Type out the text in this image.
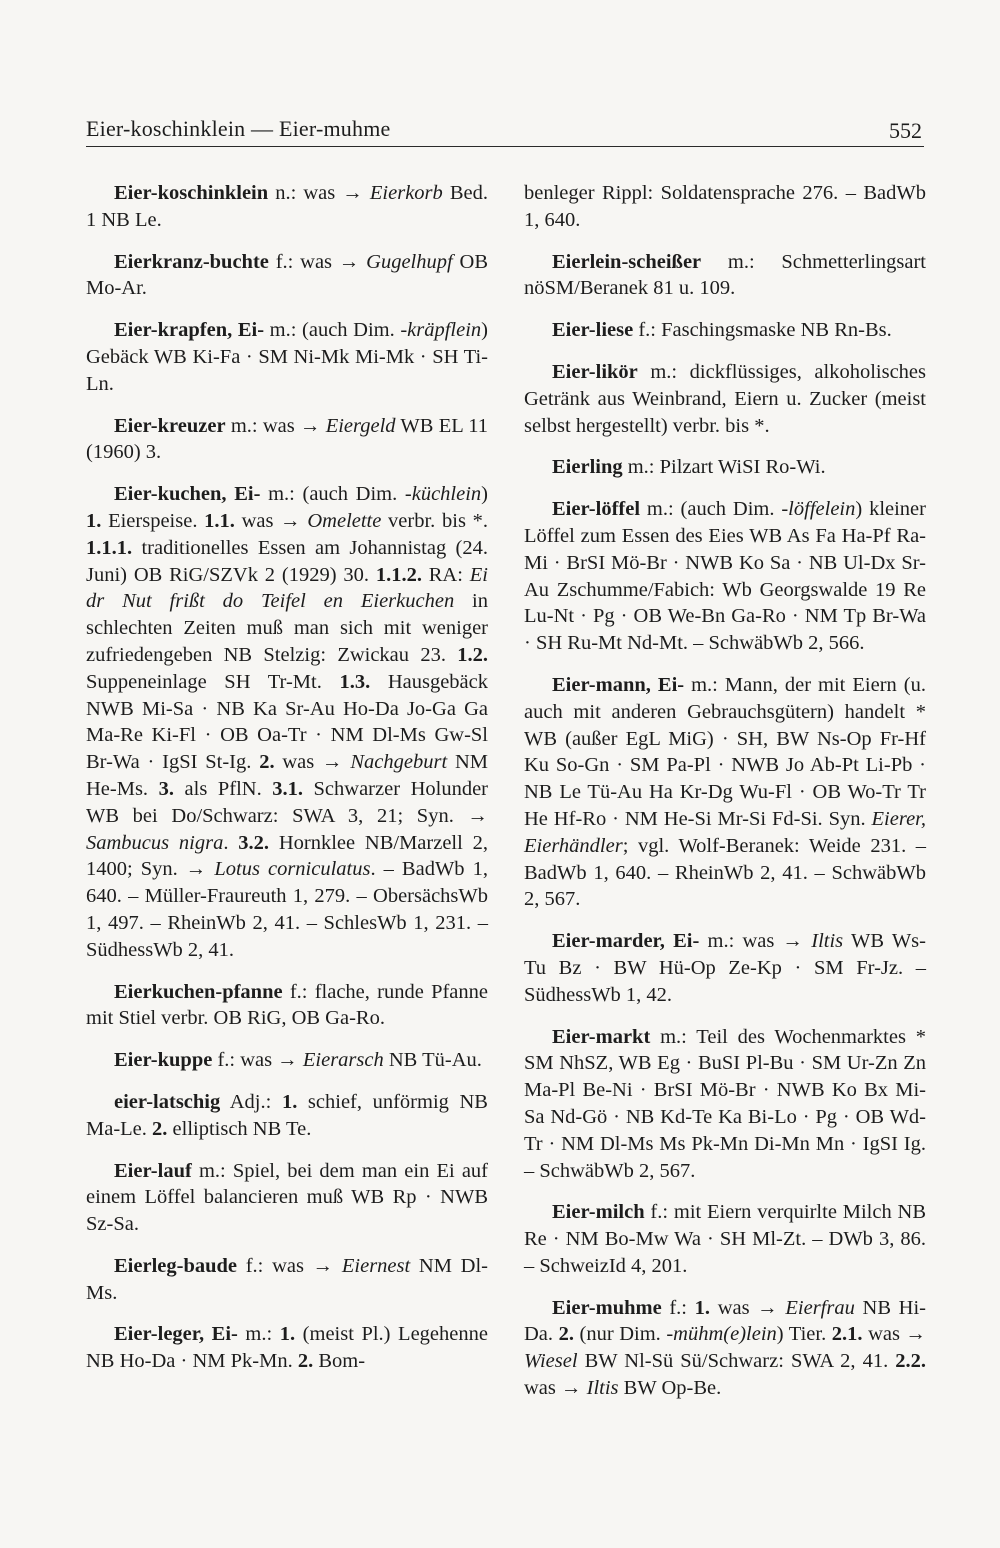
Eier-koschinklein — Eier-muhme	552

Eier-koschinklein n.: was → Eierkorb Bed. 1 NB Le.

Eierkranz-buchte f.: was → Gugelhupf OB Mo-Ar.

Eier-krapfen, Ei- m.: (auch Dim. -kräpflein) Gebäck WB Ki-Fa · SM Ni-Mk Mi-Mk · SH Ti-Ln.

Eier-kreuzer m.: was → Eiergeld WB EL 11 (1960) 3.

Eier-kuchen, Ei- m.: (auch Dim. -küchlein) 1. Eierspeise. 1.1. was → Omelette verbr. bis *. 1.1.1. traditionelles Essen am Johannistag (24. Juni) OB RiG/SZVk 2 (1929) 30. 1.1.2. RA: Ei dr Nut frißt do Teifel en Eierkuchen in schlechten Zeiten muß man sich mit weniger zufriedengeben NB Stelzig: Zwickau 23. 1.2. Suppeneinlage SH Tr-Mt. 1.3. Hausgebäck NWB Mi-Sa · NB Ka Sr-Au Ho-Da Jo-Ga Ga Ma-Re Ki-Fl · OB Oa-Tr · NM Dl-Ms Gw-Sl Br-Wa · IgSI St-Ig. 2. was → Nachgeburt NM He-Ms. 3. als PflN. 3.1. Schwarzer Holunder WB bei Do/Schwarz: SWA 3, 21; Syn. → Sambucus nigra. 3.2. Hornklee NB/Marzell 2, 1400; Syn. → Lotus corniculatus. – BadWb 1, 640. – Müller-Fraureuth 1, 279. – ObersächsWb 1, 497. – RheinWb 2, 41. – SchlesWb 1, 231. – SüdhessWb 2, 41.

Eierkuchen-pfanne f.: flache, runde Pfanne mit Stiel verbr. OB RiG, OB Ga-Ro.

Eier-kuppe f.: was → Eierarsch NB Tü-Au.

eier-latschig Adj.: 1. schief, unförmig NB Ma-Le. 2. elliptisch NB Te.

Eier-lauf m.: Spiel, bei dem man ein Ei auf einem Löffel balancieren muß WB Rp · NWB Sz-Sa.

Eierleg-baude f.: was → Eiernest NM Dl-Ms.

Eier-leger, Ei- m.: 1. (meist Pl.) Legehenne NB Ho-Da · NM Pk-Mn. 2. Bom-

benleger Rippl: Soldatensprache 276. – BadWb 1, 640.

Eierlein-scheißer m.: Schmetterlingsart nöSM/Beranek 81 u. 109.

Eier-liese f.: Faschingsmaske NB Rn-Bs.

Eier-likör m.: dickflüssiges, alkoholisches Getränk aus Weinbrand, Eiern u. Zucker (meist selbst hergestellt) verbr. bis *.

Eierling m.: Pilzart WiSI Ro-Wi.

Eier-löffel m.: (auch Dim. -löffelein) kleiner Löffel zum Essen des Eies WB As Fa Ha-Pf Ra-Mi · BrSI Mö-Br · NWB Ko Sa · NB Ul-Dx Sr-Au Zschumme/Fabich: Wb Georgswalde 19 Re Lu-Nt · Pg · OB We-Bn Ga-Ro · NM Tp Br-Wa · SH Ru-Mt Nd-Mt. – SchwäbWb 2, 566.

Eier-mann, Ei- m.: Mann, der mit Eiern (u. auch mit anderen Gebrauchsgütern) handelt * WB (außer EgL MiG) · SH, BW Ns-Op Fr-Hf Ku So-Gn · SM Pa-Pl · NWB Jo Ab-Pt Li-Pb · NB Le Tü-Au Ha Kr-Dg Wu-Fl · OB Wo-Tr Tr He Hf-Ro · NM He-Si Mr-Si Fd-Si. Syn. Eierer, Eierhändler; vgl. Wolf-Beranek: Weide 231. – BadWb 1, 640. – RheinWb 2, 41. – SchwäbWb 2, 567.

Eier-marder, Ei- m.: was → Iltis WB Ws-Tu Bz · BW Hü-Op Ze-Kp · SM Fr-Jz. – SüdhessWb 1, 42.

Eier-markt m.: Teil des Wochenmarktes * SM NhSZ, WB Eg · BuSI Pl-Bu · SM Ur-Zn Zn Ma-Pl Be-Ni · BrSI Mö-Br · NWB Ko Bx Mi-Sa Nd-Gö · NB Kd-Te Ka Bi-Lo · Pg · OB Wd-Tr · NM Dl-Ms Ms Pk-Mn Di-Mn Mn · IgSI Ig. – SchwäbWb 2, 567.

Eier-milch f.: mit Eiern verquirlte Milch NB Re · NM Bo-Mw Wa · SH Ml-Zt. – DWb 3, 86. – SchweizId 4, 201.

Eier-muhme f.: 1. was → Eierfrau NB Hi-Da. 2. (nur Dim. -mühm(e)lein) Tier. 2.1. was → Wiesel BW Nl-Sü Sü/Schwarz: SWA 2, 41. 2.2. was → Iltis BW Op-Be.
